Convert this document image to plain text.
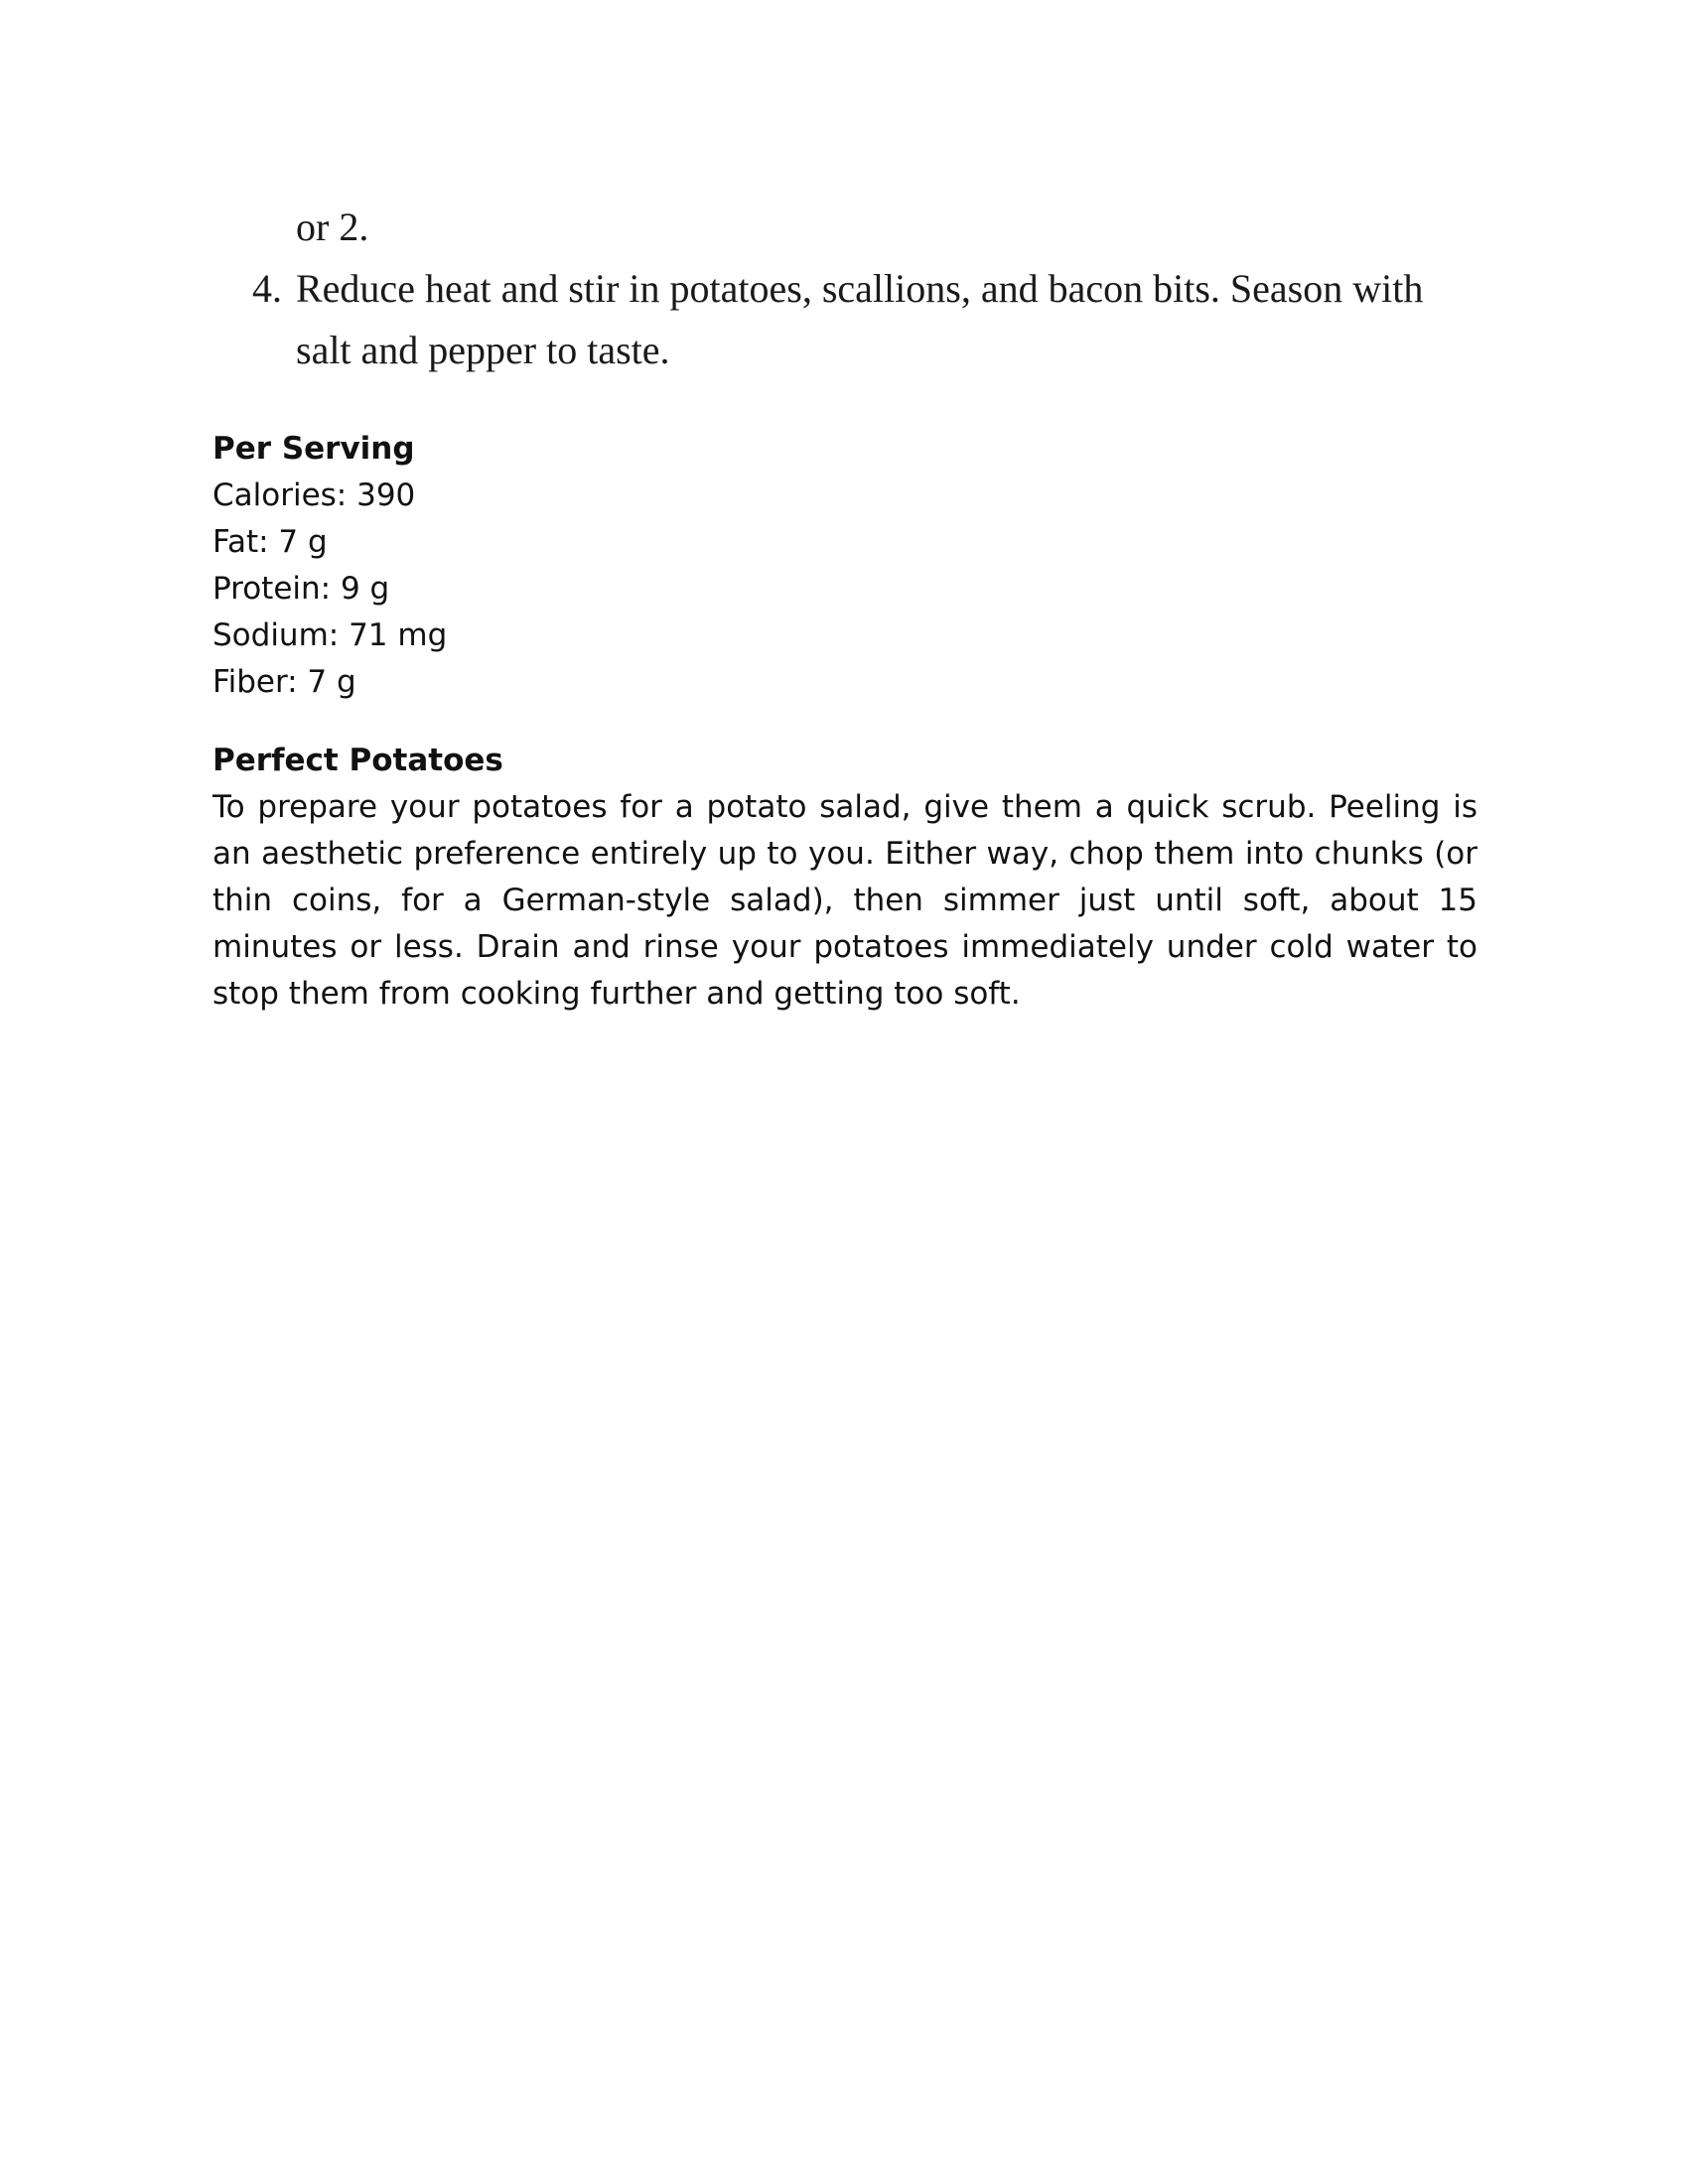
or 2.
4. Reduce heat and stir in potatoes, scallions, and bacon bits. Season with salt and pepper to taste.
Per Serving
Calories: 390
Fat: 7 g
Protein: 9 g
Sodium: 71 mg
Fiber: 7 g
Perfect Potatoes

To prepare your potatoes for a potato salad, give them a quick scrub. Peeling is an aesthetic preference entirely up to you. Either way, chop them into chunks (or thin coins, for a German-style salad), then simmer just until soft, about 15 minutes or less. Drain and rinse your potatoes immediately under cold water to stop them from cooking further and getting too soft.
